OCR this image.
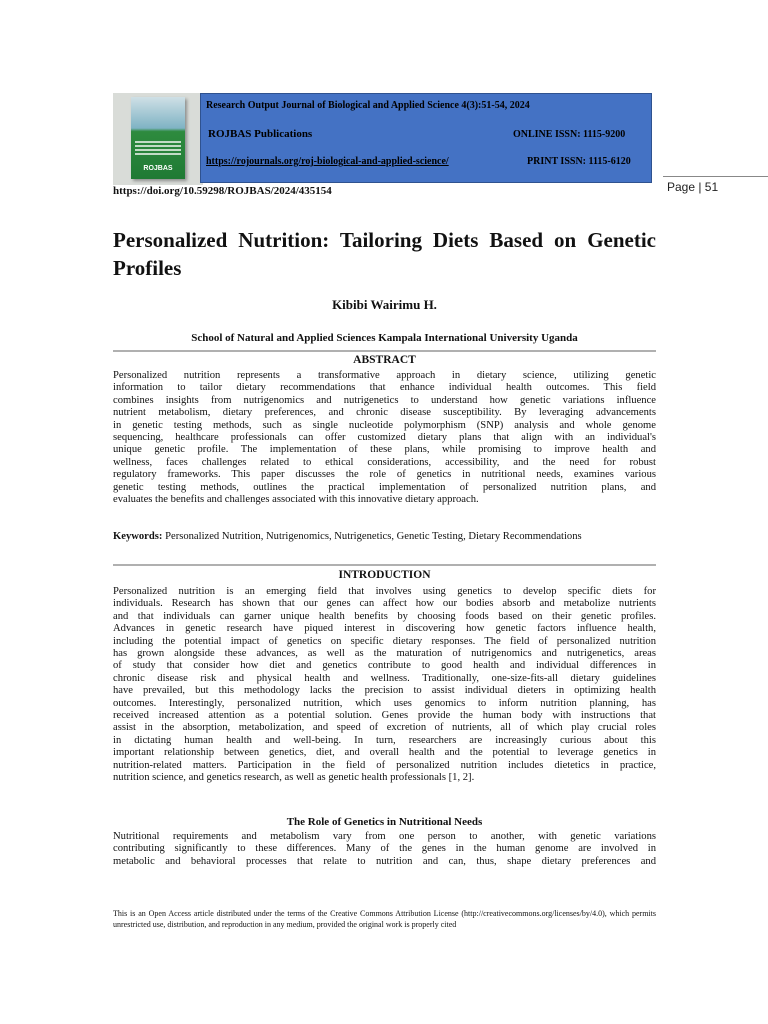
ROJBAS
Research Output Journal of Biological and Applied Science 4(3):51-54, 2024
ROJBAS Publications	ONLINE ISSN: 1115-9200
https://rojournals.org/roj-biological-and-applied-science/	PRINT ISSN: 1115-6120
https://doi.org/10.59298/ROJBAS/2024/435154	Page | 51
Personalized Nutrition: Tailoring Diets Based on Genetic Profiles
Kibibi Wairimu H.
School of Natural and Applied Sciences Kampala International University Uganda
ABSTRACT
Personalized nutrition represents a transformative approach in dietary science, utilizing genetic
information to tailor dietary recommendations that enhance individual health outcomes. This field
combines insights from nutrigenomics and nutrigenetics to understand how genetic variations influence
nutrient metabolism, dietary preferences, and chronic disease susceptibility. By leveraging advancements
in genetic testing methods, such as single nucleotide polymorphism (SNP) analysis and whole genome
sequencing, healthcare professionals can offer customized dietary plans that align with an individual's
unique genetic profile. The implementation of these plans, while promising to improve health and
wellness, faces challenges related to ethical considerations, accessibility, and the need for robust
regulatory frameworks. This paper discusses the role of genetics in nutritional needs, examines various
genetic testing methods, outlines the practical implementation of personalized nutrition plans, and
evaluates the benefits and challenges associated with this innovative dietary approach.
Keywords: Personalized Nutrition, Nutrigenomics, Nutrigenetics, Genetic Testing, Dietary Recommendations
INTRODUCTION
Personalized nutrition is an emerging field that involves using genetics to develop specific diets for
individuals. Research has shown that our genes can affect how our bodies absorb and metabolize nutrients
and that individuals can garner unique health benefits by choosing foods based on their genetic profiles.
Advances in genetic research have piqued interest in discovering how genetic factors influence health,
including the potential impact of genetics on specific dietary responses. The field of personalized nutrition
has grown alongside these advances, as well as the maturation of nutrigenomics and nutrigenetics, areas
of study that consider how diet and genetics contribute to good health and individual differences in
chronic disease risk and physical health and wellness. Traditionally, one-size-fits-all dietary guidelines
have prevailed, but this methodology lacks the precision to assist individual dieters in optimizing health
outcomes. Interestingly, personalized nutrition, which uses genomics to inform nutrition planning, has
received increased attention as a potential solution. Genes provide the human body with instructions that
assist in the absorption, metabolization, and speed of excretion of nutrients, all of which play crucial roles
in dictating human health and well-being. In turn, researchers are increasingly curious about this
important relationship between genetics, diet, and overall health and the potential to leverage genetics in
nutrition-related matters. Participation in the field of personalized nutrition includes dietetics in practice,
nutrition science, and genetics research, as well as genetic health professionals [1, 2].
The Role of Genetics in Nutritional Needs
Nutritional requirements and metabolism vary from one person to another, with genetic variations
contributing significantly to these differences. Many of the genes in the human genome are involved in
metabolic and behavioral processes that relate to nutrition and can, thus, shape dietary preferences and
This is an Open Access article distributed under the terms of the Creative Commons Attribution License (http://creativecommons.org/licenses/by/4.0), which permits unrestricted use, distribution, and reproduction in any medium, provided the original work is properly cited
